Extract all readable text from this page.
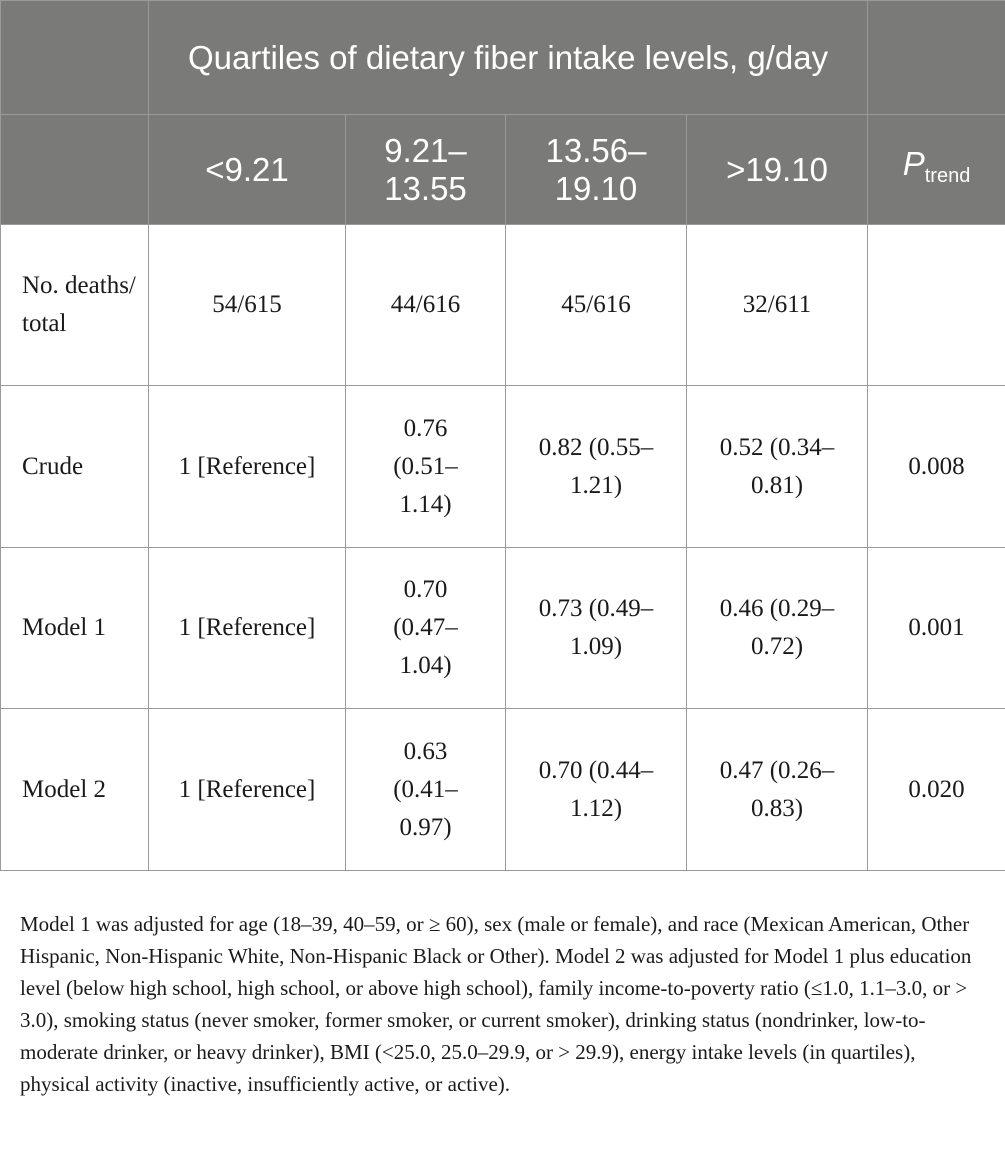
	Quartiles of dietary fiber intake levels, g/day				
	<9.21	9.21–13.55	13.56–19.10	>19.10	$P_{trend}$
No. deaths/ total	54/615	44/616	45/616	32/611	
Crude	1 [Reference]	0.76 (0.51–1.14)	0.82 (0.55–1.21)	0.52 (0.34–0.81)	0.008
Model 1	1 [Reference]	0.70 (0.47–1.04)	0.73 (0.49–1.09)	0.46 (0.29–0.72)	0.001
Model 2	1 [Reference]	0.63 (0.41–0.97)	0.70 (0.44–1.12)	0.47 (0.26–0.83)	0.020

Model 1 was adjusted for age (18–39, 40–59, or ≥ 60), sex (male or female), and race (Mexican American, Other Hispanic, Non-Hispanic White, Non-Hispanic Black or Other). Model 2 was adjusted for Model 1 plus education level (below high school, high school, or above high school), family income-to-poverty ratio (≤1.0, 1.1–3.0, or > 3.0), smoking status (never smoker, former smoker, or current smoker), drinking status (nondrinker, low-to-moderate drinker, or heavy drinker), BMI (<25.0, 25.0–29.9, or > 29.9), energy intake levels (in quartiles), physical activity (inactive, insufficiently active, or active).
